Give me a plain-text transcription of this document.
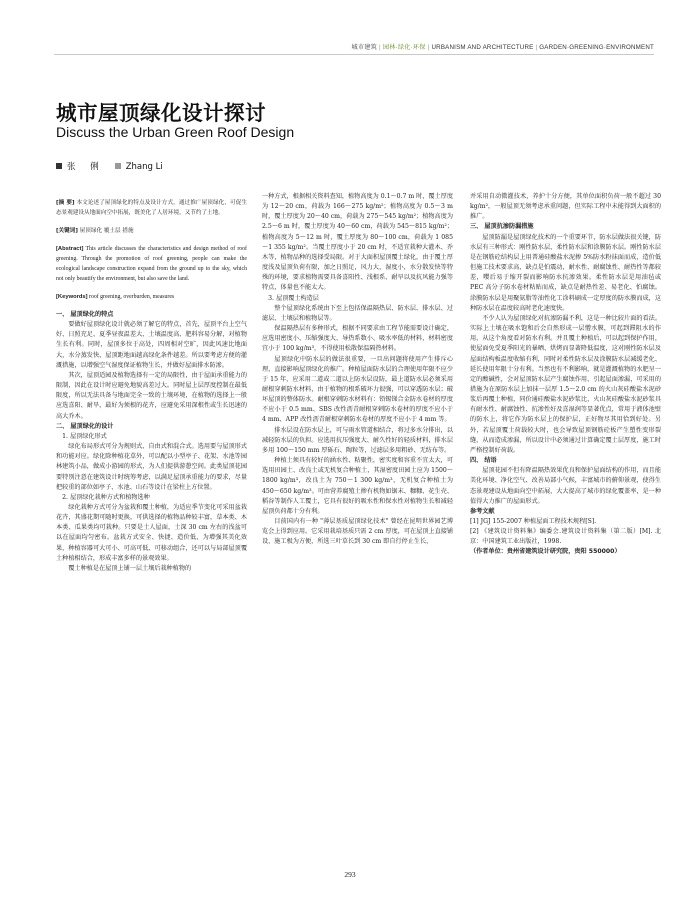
城市建筑 | 园林·绿化·环保 | URBANISM AND ARCHITECTURE | GARDEN·GREENING·ENVIRONMENT
城市屋顶绿化设计探讨
Discuss the Urban Green Roof Design
张 俐 Zhang Li

[摘 要] 本文论述了屋顶绿化的特点及设计方式，通过推广屋顶绿化，可促生态景观建设从地面向空中拓展，既美化了人居环境，又节约了土地。

[关键词] 屋顶绿化 覆土层 措施

[Abstract] This article discusses the characteristics and design method of roof greening. Through the promotion of roof greening, people can make the ecological landscape construction expand from the ground up to the sky, which not only beautify the environment, but also save the land.

[Keywords] roof greening, overburden, measures

一、 屋顶绿化的特点

要做好屋顶绿化设计就必须了解它的特点，首先，屋顶平台上空气好、日照充足、夏季昼夜温差大、土壤温度高、肥料容易分解，对植物生长有利。同时，屋顶多位于高处，四周相对空旷，因此风速比地面大，水分蒸发快，屋顶距地面越高绿化条件越差。所以要考虑方便的灌溉措施，以增强空气湿度保证植物生长，并做好屋面排水防渗。

其次，屋顶适园及植物选择有一定的局限性，由于屋面承重能力的限制，因此在设计时应避免地貌高差过大。同时屋上层厚度控制在最低限度，所以无法具备与地面完全一致的土壤环境，在植物的选择上一般应选喜阳、耐旱，最好为须根的花卉，应避免采用深根性或生长迅速的高大乔木。

二、 屋顶绿化的设计

1. 屋顶绿化形式

绿化布局形式可分为规则式、自由式和混合式。选用要与屋顶形式和功能对应。绿化除种植花草外，可以配以小型亭子、花架、水池等园林建筑小品，做成小游园的形式，为人们提供游憩空间。此类屋顶花园要特别注意在建筑设计时统筹考虑，以满足屋顶承重能力的要求，尽量把较重的部位如亭子、水池、山石等设计在梁柱上方位置。

2. 屋顶绿化栽种方式和植物选种

绿化栽种方式可分为盆栽和覆土种植，为适应季节变化可采用盆栽花卉，其盛花期可随时更换，可供选择的植物品种较丰富，草本类、木本类、瓜果类均可栽种。只要是土人屋面，土深 30 cm 左右的浅盆可以在屋面均匀密布。盆栽方式安全、快捷、造价低，为增强其美化效果，种植容器可大可小、可高可低、可移动组合，还可以与局部屋顶覆土种植相结合，形成丰富多样的景观效果。

覆土种植是在屋顶上铺一层土壤后栽种植物的

一种方式，根据相关资料查知，植物高度为 0.1～0.7 m 时，覆土厚度为 12～20 cm，荷载为 166～275 kg/m²；植物高度为 0.5～3 m 时，覆土厚度为 20～40 cm，荷载为 275～545 kg/m²；植物高度为 2.5～6 m 时，覆土厚度为 40～60 cm，荷载为 545～815 kg/m²；植物高度为 5～12 m 时，覆土厚度为 80～100 cm，荷载为 1 085～1 355 kg/m²。当覆土厚度小于 20 cm 时，不适宜栽种大灌木、乔木等，植物品种的选择受局限。对于大面积屋顶覆土绿化，由于覆土厚度浅及屋顶负荷有限，加之日照足，风力大，湿度小，水分散发快等特殊的环境，要求植物需要具备喜阳性、浅根系、耐旱以及抗风能力强等特点，体量也不能太大。

3. 屋顶覆土构造层

整个屋顶绿化系统由下至上包括保温隔热层、防水层、排水层、过滤层、土壤层和植物层等。

保温隔热层有多种形式，根据不同要求由工程节能需要设计确定，应选用密度小、压缩强度大、导热系数小、吸水率低的材料，材料密度宜小于 100 kg/m³，不得使用松散保温隔热材料。

屋顶绿化中防水层的做法很重要，一旦出问题将使用产生排斥心理，直接影响屋顶绿化的推广。种植屋面防水层的合理使用年限不应少于 15 年，应采用二道或二道以上防水层设防，最上道防水层必须采用耐根穿刺防水材料，由于植物的根系破坏力很强，可以穿透防水层；破坏屋顶的整体防水。耐根穿刺防水材料有：铅锡锑合金防水卷材的厚度不应小于 0.5 mm、SBS 改性沥青耐根穿刺防水卷材的厚度不应小于 4 mm、APP 改性沥青耐根穿刺防水卷材的厚度不应小于 4 mm 等。

排水层设在防水层上，可与雨水管道相结合，将过多水分排出，以减轻防水层的负担。应选用抗压强度大、耐久性好的轻质材料，排水层多用 100～150 mm 厚砾石、陶粒等，过滤层多用粗砂、无纺布等。

种植土须具有较好的涵水性、粘聚性，密实度和容重不宜太大，可选用田园土、改良土或无机复合种植土，其湿密度田园土应为 1500～1800 kg/m³，改良土为 750～1 300 kg/m³，无机复合种植土为 450～650 kg/m³。可由营养腐殖土掺有机物如锯末、糠糠、花生壳、稻谷等制作人工覆土，它具有很好的吸水性和保水性对植物生长和减轻屋顶负荷都十分有利。

目前国内有一种 "薄层基质屋顶绿化技术" 曾经在昆明世界园艺博览会上得到应用。它采用栽培基质只需 2 cm 厚度，可在屋顶上直接铺设，施工极为方便，所选三叶草长到 30 cm 即自行停止生长，

并采用自动微灌技术，养护十分方便，其单位面积负荷一般不超过 30 kg/m²，一般屋顶无须考虑承重问题，但实际工程中未能得到大面积的推广。

三、 屋顶抗渗防漏措施

屋顶防漏是屋顶绿化技术的一个重要环节，防水层做法很关键，防水层有三种形式：刚性防水层、柔性防水层和涂膜防水层。刚性防水层是在钢筋砼结构层上用普通硅酸盐水泥掺 5%防水粉抹面而成，造价低但施工技术要求高，缺点是怕震动，耐水性、耐腐蚀性、耐热性等都较差，嘤后易于缩开裂而影响防水抗渗效果。柔性防水层是用油毡或 PEC 高分子防水卷材粘贴而成，缺点是耐热性差、易老化、怕腐蚀。涂膜防水层是用聚氨脂等油性化工涂料刷成一定厚度的防水膜而成，这种防水层在温度较高时老化速度快。

不少人认为屋顶绿化对抗渗防漏不利，这是一种比较片面的看法。实际上土壤在吸水饱和后会自然形成一层憎水膜，可起到滞阻水的作用，从这个角度看对防水有利。并且覆土种植后，可以起到保护作用，使屋面免受夏季阳光的暴晒、烘烤而显著降低温度，这对刚性防水层及屋面结构板温度收缩有利，同时对柔性防水层及涂膜防水层减缓老化、延长使用年限十分有利。当然也有不利影响，就是灌溉植物的水肥呈一定的酸碱性，会对屋顶防水层产生腐蚀作用，引起屋面渗漏，可采用的措施为在原防水层上加抹一层厚 1.5～2.0 cm 的火山灰硅酸盐水泥砂浆后再覆土种植，同价通硅酸盐水泥砂浆比，火山灰硅酸盐水泥砂浆具有耐水性、耐腐蚀性、抗渗性好及喜湿润等显著优点，常用于液体池壁的防水上，将它作为防水层上的保护层，正好物尽其用恰到好处。另外，若屋顶覆土荷载较大时，也会导致屋顶钢筋砼板产生塑性变形裂缝，从而造成渗漏，所以设计中必须通过计算确定覆土层厚度，施工时严格控制好荷载。

四、 结语

屋顶花园不但有降温隔热效果优良和保护屋面结构的作用，而且能美化环境、净化空气、改善局部小气候，丰富城市的俯仰景观，使得生态景观建设从地面向空中拓展，大大提高了城市的绿化覆盖率，是一种值得大力推广的屋面形式。

参考文献

[1] JGJ 155-2007 种植屋面工程技术规程[S].

[2] 《建筑设计资料集》编委会.建筑设计资料集（第二版）[M]. 北京：中国建筑工业出版社，1998.

（作者单位：贵州省建筑设计研究院，贵阳 550000）

293
